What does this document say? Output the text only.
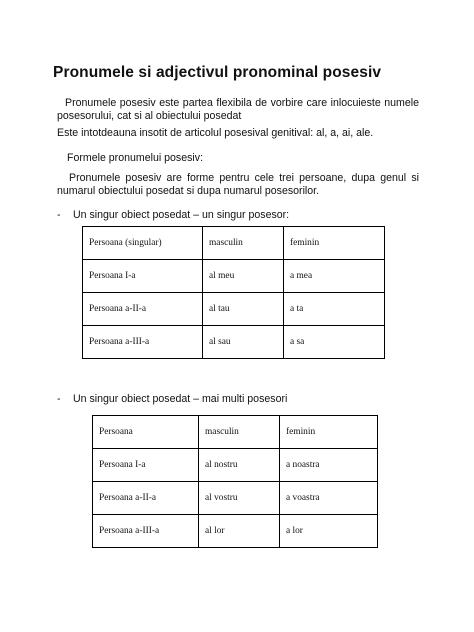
Pronumele si adjectivul pronominal posesiv

Pronumele posesiv este partea flexibila de vorbire care inlocuieste numele posesorului, cat si al obiectului posedat

Este intotdeauna insotit de articolul posesival genitival: al, a, ai, ale.

Formele pronumelui posesiv:

Pronumele posesiv are forme pentru cele trei persoane, dupa genul si numarul obiectului posedat si dupa numarul posesorilor.

- Un singur obiect posedat – un singur posesor:
Persoana (singular)	masculin	feminin
Persoana I-a	al meu	a mea
Persoana a-II-a	al tau	a ta
Persoana a-III-a	al sau	a sa
- Un singur obiect posedat – mai multi posesori
Persoana	masculin	feminin
Persoana I-a	al nostru	a noastra
Persoana a-II-a	al vostru	a voastra
Persoana a-III-a	al lor	a lor
